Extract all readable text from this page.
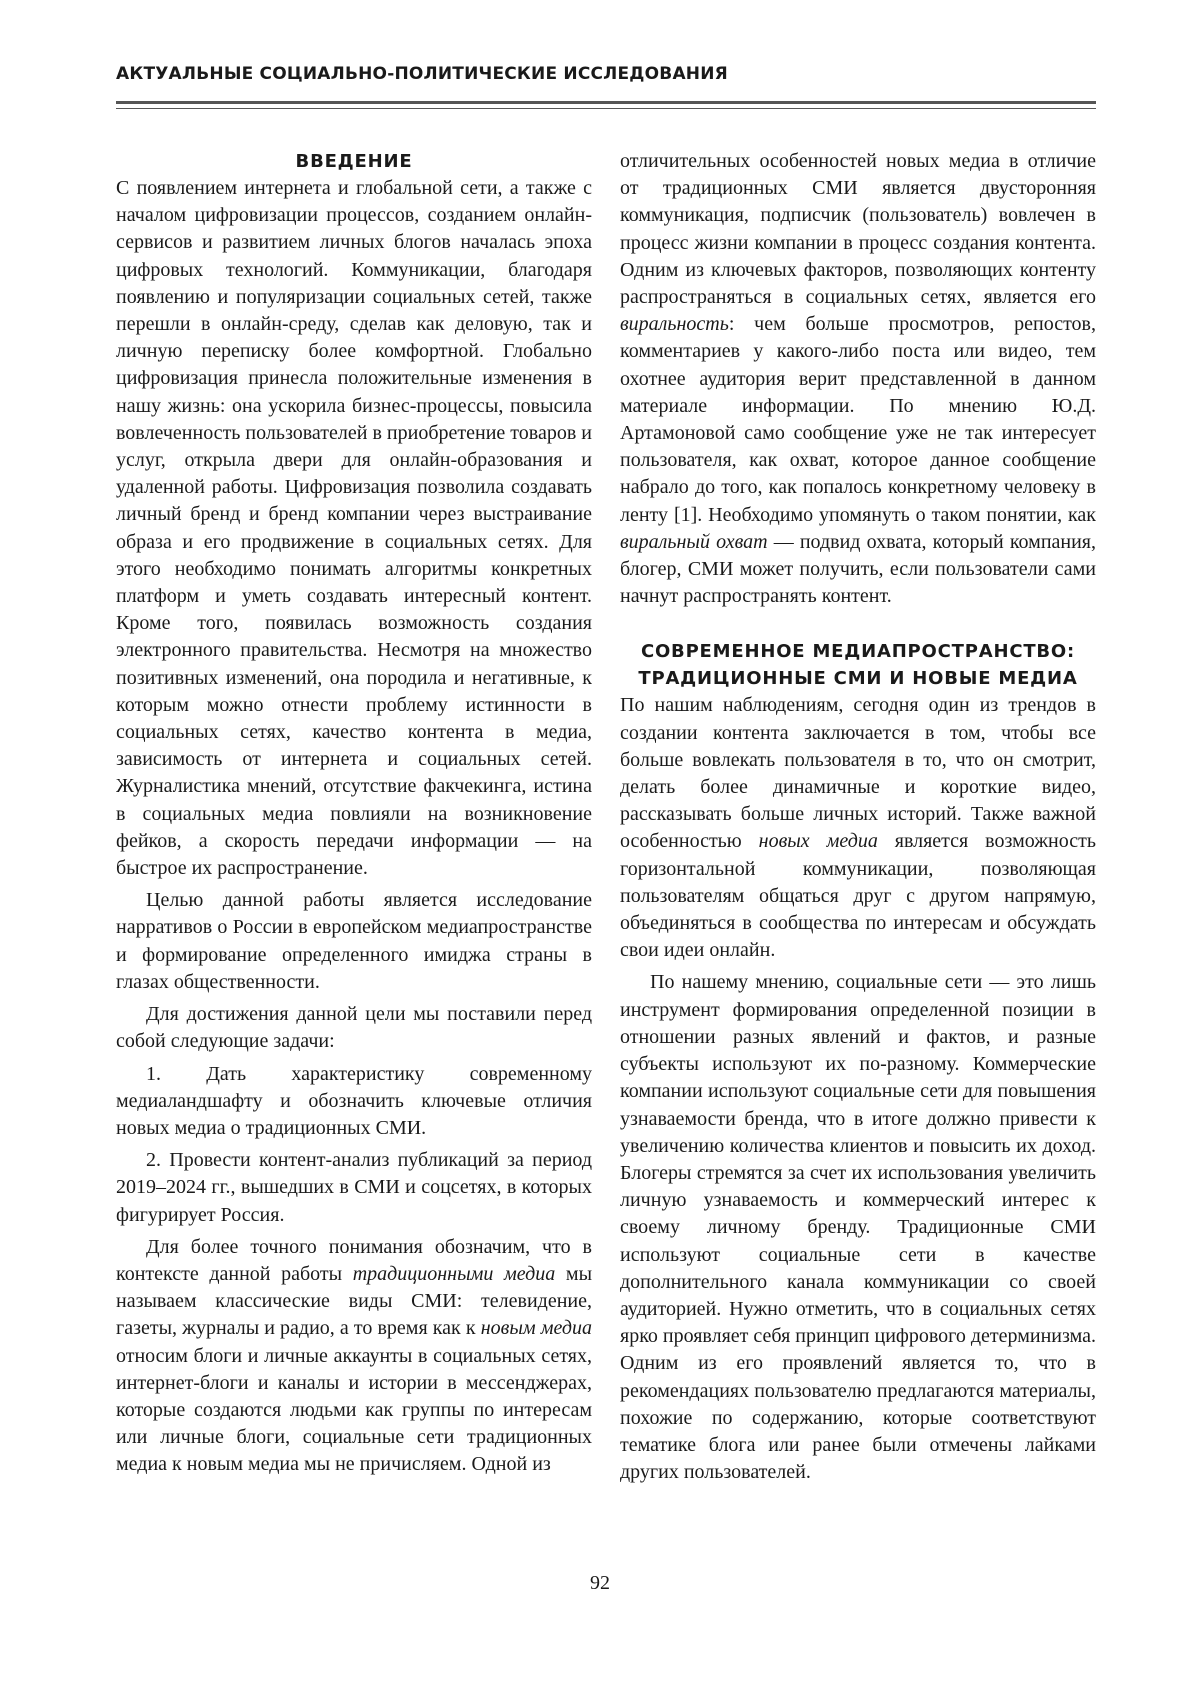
АКТУАЛЬНЫЕ СОЦИАЛЬНО-ПОЛИТИЧЕСКИЕ ИССЛЕДОВАНИЯ
ВВЕДЕНИЕ

С появлением интернета и глобальной сети, а также с началом цифровизации процессов, созданием онлайн-сервисов и развитием личных блогов началась эпоха цифровых технологий. Коммуникации, благодаря появлению и популяризации социальных сетей, также перешли в онлайн-среду, сделав как деловую, так и личную переписку более комфортной. Глобально цифровизация принесла положительные изменения в нашу жизнь: она ускорила бизнес-процессы, повысила вовлеченность пользователей в приобретение товаров и услуг, открыла двери для онлайн-образования и удаленной работы. Цифровизация позволила создавать личный бренд и бренд компании через выстраивание образа и его продвижение в социальных сетях. Для этого необходимо понимать алгоритмы конкретных платформ и уметь создавать интересный контент. Кроме того, появилась возможность создания электронного правительства. Несмотря на множество позитивных изменений, она породила и негативные, к которым можно отнести проблему истинности в социальных сетях, качество контента в медиа, зависимость от интернета и социальных сетей. Журналистика мнений, отсутствие факчекинга, истина в социальных медиа повлияли на возникновение фейков, а скорость передачи информации — на быстрое их распространение.

Целью данной работы является исследование нарративов о России в европейском медиапространстве и формирование определенного имиджа страны в глазах общественности.

Для достижения данной цели мы поставили перед собой следующие задачи:

1. Дать характеристику современному медиаландшафту и обозначить ключевые отличия новых медиа о традиционных СМИ.

2. Провести контент-анализ публикаций за период 2019–2024 гг., вышедших в СМИ и соцсетях, в которых фигурирует Россия.

Для более точного понимания обозначим, что в контексте данной работы традиционными медиа мы называем классические виды СМИ: телевидение, газеты, журналы и радио, а то время как к новым медиа относим блоги и личные аккаунты в социальных сетях, интернет-блоги и каналы и истории в мессенджерах, которые создаются людьми как группы по интересам или личные блоги, социальные сети традиционных медиа к новым медиа мы не причисляем. Одной из

отличительных особенностей новых медиа в отличие от традиционных СМИ является двусторонняя коммуникация, подписчик (пользователь) вовлечен в процесс жизни компании в процесс создания контента. Одним из ключевых факторов, позволяющих контенту распространяться в социальных сетях, является его виральность: чем больше просмотров, репостов, комментариев у какого-либо поста или видео, тем охотнее аудитория верит представленной в данном материале информации. По мнению Ю.Д. Артамоновой само сообщение уже не так интересует пользователя, как охват, которое данное сообщение набрало до того, как попалось конкретному человеку в ленту [1]. Необходимо упомянуть о таком понятии, как виральный охват — подвид охвата, который компания, блогер, СМИ может получить, если пользователи сами начнут распространять контент.

СОВРЕМЕННОЕ МЕДИАПРОСТРАНСТВО:
ТРАДИЦИОННЫЕ СМИ И НОВЫЕ МЕДИА

По нашим наблюдениям, сегодня один из трендов в создании контента заключается в том, чтобы все больше вовлекать пользователя в то, что он смотрит, делать более динамичные и короткие видео, рассказывать больше личных историй. Также важной особенностью новых медиа является возможность горизонтальной коммуникации, позволяющая пользователям общаться друг с другом напрямую, объединяться в сообщества по интересам и обсуждать свои идеи онлайн.

По нашему мнению, социальные сети — это лишь инструмент формирования определенной позиции в отношении разных явлений и фактов, и разные субъекты используют их по-разному. Коммерческие компании используют социальные сети для повышения узнаваемости бренда, что в итоге должно привести к увеличению количества клиентов и повысить их доход. Блогеры стремятся за счет их использования увеличить личную узнаваемость и коммерческий интерес к своему личному бренду. Традиционные СМИ используют социальные сети в качестве дополнительного канала коммуникации со своей аудиторией. Нужно отметить, что в социальных сетях ярко проявляет себя принцип цифрового детерминизма. Одним из его проявлений является то, что в рекомендациях пользователю предлагаются материалы, похожие по содержанию, которые соответствуют тематике блога или ранее были отмечены лайками других пользователей.

92
